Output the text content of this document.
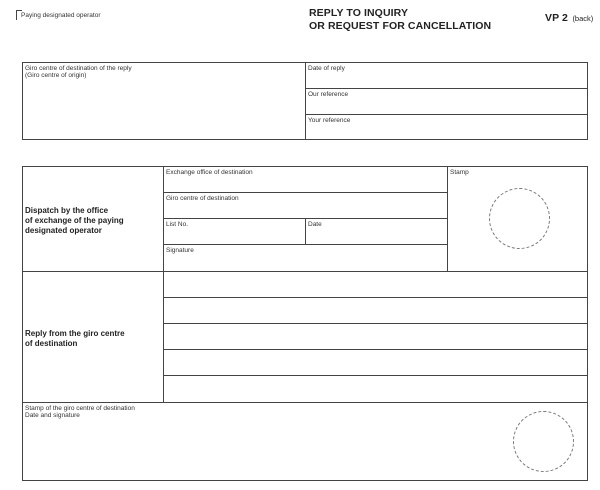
Paying designated operator	REPLY TO INQUIRY
OR REQUEST FOR CANCELLATION
VP 2 (back)
Giro centre of destination of the reply
(Giro centre of origin)
Date of reply
Our reference
Your reference
Dispatch by the office
of exchange of the paying
designated operator
Exchange office of destination
Giro centre of destination
List No.	Date
Signature
Stamp
Reply from the giro centre
of destination
Stamp of the giro centre of destination
Date and signature
